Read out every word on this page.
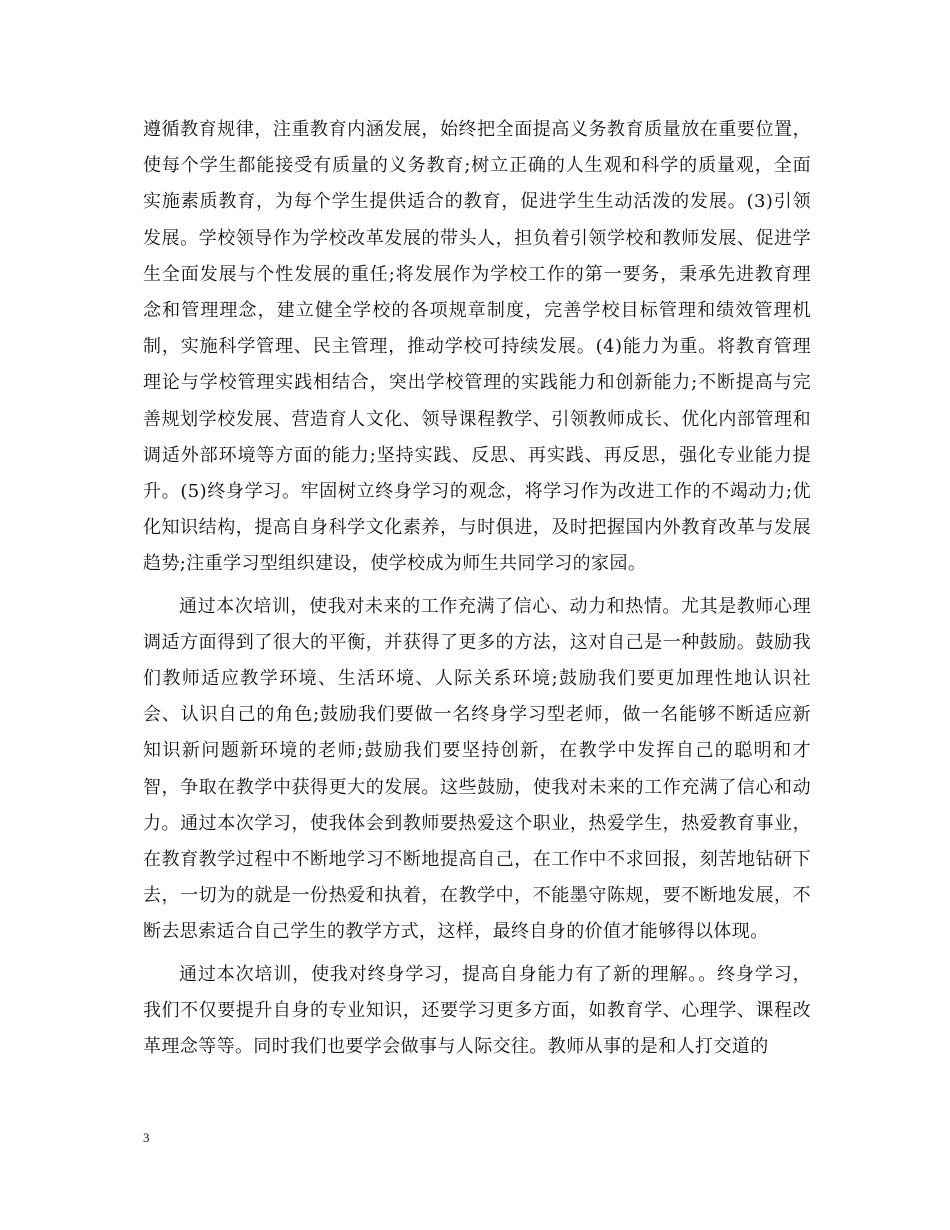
遵循教育规律，注重教育内涵发展，始终把全面提高义务教育质量放在重要位置，使每个学生都能接受有质量的义务教育;树立正确的人生观和科学的质量观，全面实施素质教育，为每个学生提供适合的教育，促进学生生动活泼的发展。(3)引领发展。学校领导作为学校改革发展的带头人，担负着引领学校和教师发展、促进学生全面发展与个性发展的重任;将发展作为学校工作的第一要务，秉承先进教育理念和管理理念，建立健全学校的各项规章制度，完善学校目标管理和绩效管理机制，实施科学管理、民主管理，推动学校可持续发展。(4)能力为重。将教育管理理论与学校管理实践相结合，突出学校管理的实践能力和创新能力;不断提高与完善规划学校发展、营造育人文化、领导课程教学、引领教师成长、优化内部管理和调适外部环境等方面的能力;坚持实践、反思、再实践、再反思，强化专业能力提升。(5)终身学习。牢固树立终身学习的观念，将学习作为改进工作的不竭动力;优化知识结构，提高自身科学文化素养，与时俱进，及时把握国内外教育改革与发展趋势;注重学习型组织建设，使学校成为师生共同学习的家园。

通过本次培训，使我对未来的工作充满了信心、动力和热情。尤其是教师心理调适方面得到了很大的平衡，并获得了更多的方法，这对自己是一种鼓励。鼓励我们教师适应教学环境、生活环境、人际关系环境;鼓励我们要更加理性地认识社会、认识自己的角色;鼓励我们要做一名终身学习型老师，做一名能够不断适应新知识新问题新环境的老师;鼓励我们要坚持创新，在教学中发挥自己的聪明和才智，争取在教学中获得更大的发展。这些鼓励，使我对未来的工作充满了信心和动力。通过本次学习，使我体会到教师要热爱这个职业，热爱学生，热爱教育事业，在教育教学过程中不断地学习不断地提高自己，在工作中不求回报，刻苦地钻研下去，一切为的就是一份热爱和执着，在教学中，不能墨守陈规，要不断地发展，不断去思索适合自己学生的教学方式，这样，最终自身的价值才能够得以体现。

通过本次培训，使我对终身学习，提高自身能力有了新的理解。。终身学习，我们不仅要提升自身的专业知识，还要学习更多方面，如教育学、心理学、课程改革理念等等。同时我们也要学会做事与人际交往。教师从事的是和人打交道的

3
